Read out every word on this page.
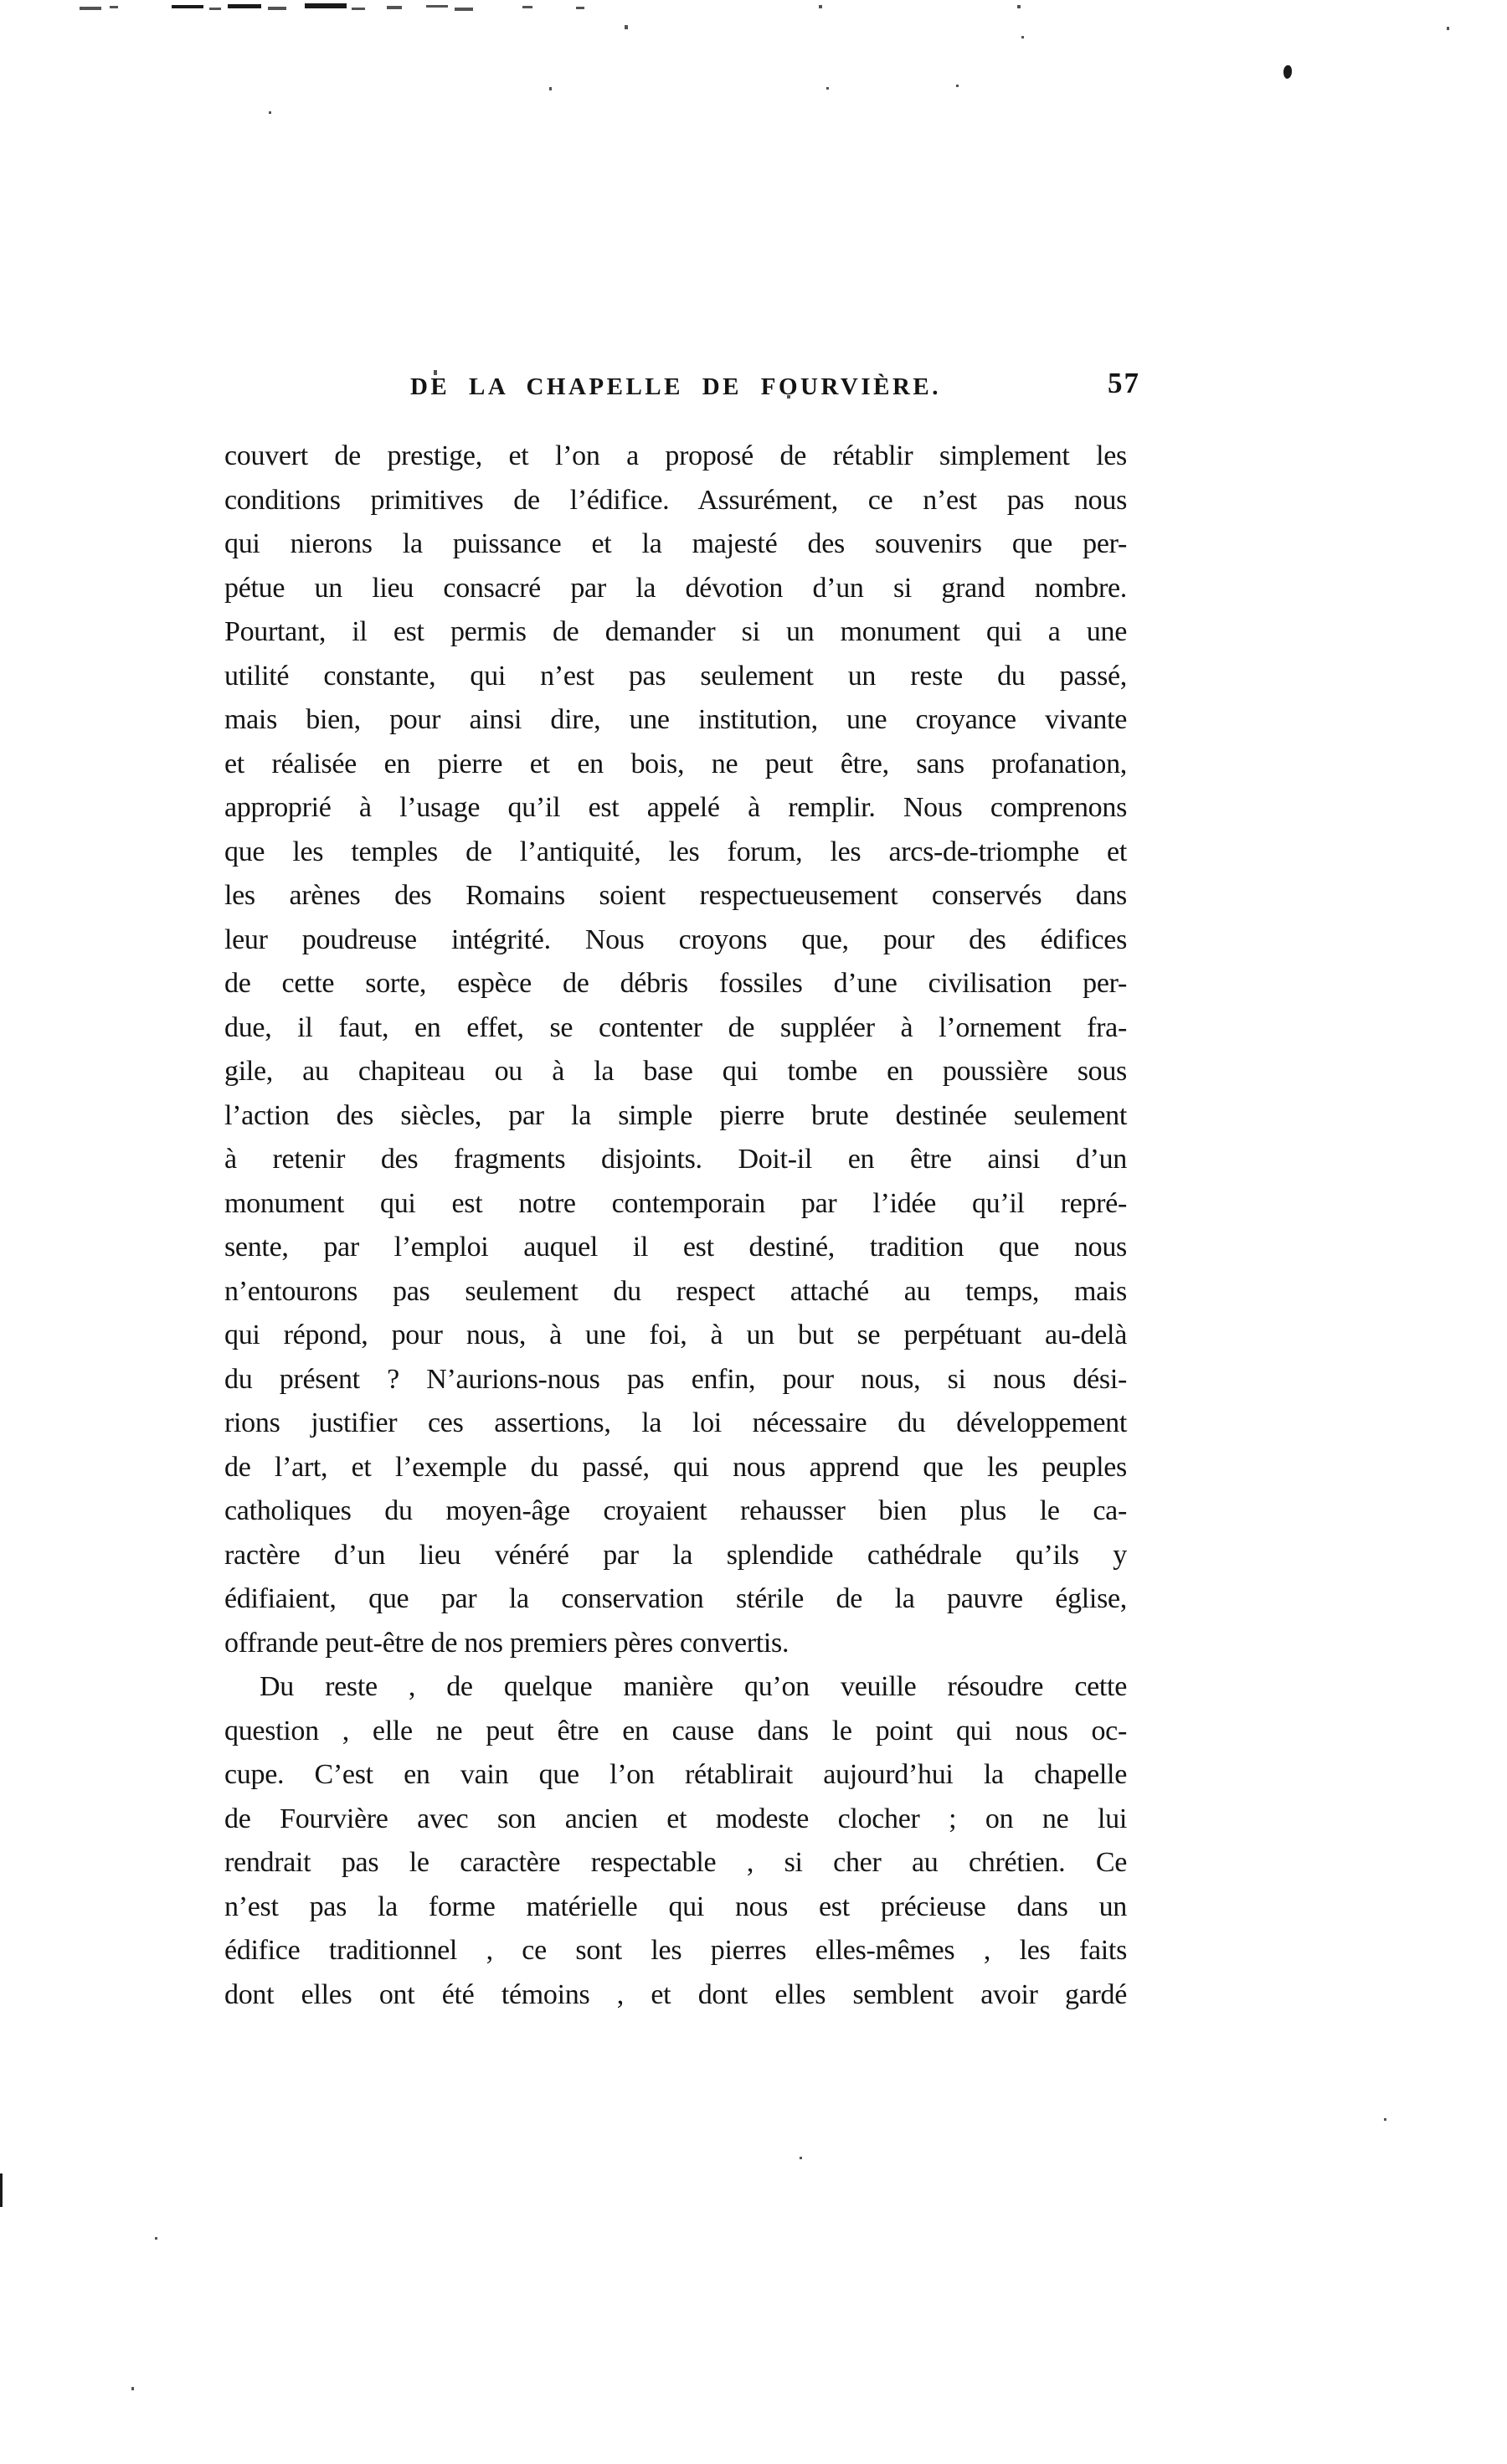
DE LA CHAPELLE DE FOURVIÈRE.	57
couvert de prestige, et l’on a proposé de rétablir simplement les
conditions primitives de l’édifice. Assurément, ce n’est pas nous
qui nierons la puissance et la majesté des souvenirs que per-
pétue un lieu consacré par la dévotion d’un si grand nombre.
Pourtant, il est permis de demander si un monument qui a une
utilité constante, qui n’est pas seulement un reste du passé,
mais bien, pour ainsi dire, une institution, une croyance vivante
et réalisée en pierre et en bois, ne peut être, sans profanation,
approprié à l’usage qu’il est appelé à remplir. Nous comprenons
que les temples de l’antiquité, les forum, les arcs-de-triomphe et
les arènes des Romains soient respectueusement conservés dans
leur poudreuse intégrité. Nous croyons que, pour des édifices
de cette sorte, espèce de débris fossiles d’une civilisation per-
due, il faut, en effet, se contenter de suppléer à l’ornement fra-
gile, au chapiteau ou à la base qui tombe en poussière sous
l’action des siècles, par la simple pierre brute destinée seulement
à retenir des fragments disjoints. Doit-il en être ainsi d’un
monument qui est notre contemporain par l’idée qu’il repré-
sente, par l’emploi auquel il est destiné, tradition que nous
n’entourons pas seulement du respect attaché au temps, mais
qui répond, pour nous, à une foi, à un but se perpétuant au-delà
du présent ? N’aurions-nous pas enfin, pour nous, si nous dési-
rions justifier ces assertions, la loi nécessaire du développement
de l’art, et l’exemple du passé, qui nous apprend que les peuples
catholiques du moyen-âge croyaient rehausser bien plus le ca-
ractère d’un lieu vénéré par la splendide cathédrale qu’ils y
édifiaient, que par la conservation stérile de la pauvre église,
offrande peut-être de nos premiers pères convertis.
Du reste , de quelque manière qu’on veuille résoudre cette
question , elle ne peut être en cause dans le point qui nous oc-
cupe. C’est en vain que l’on rétablirait aujourd’hui la chapelle
de Fourvière avec son ancien et modeste clocher ; on ne lui
rendrait pas le caractère respectable , si cher au chrétien. Ce
n’est pas la forme matérielle qui nous est précieuse dans un
édifice traditionnel , ce sont les pierres elles-mêmes , les faits
dont elles ont été témoins , et dont elles semblent avoir gardé
